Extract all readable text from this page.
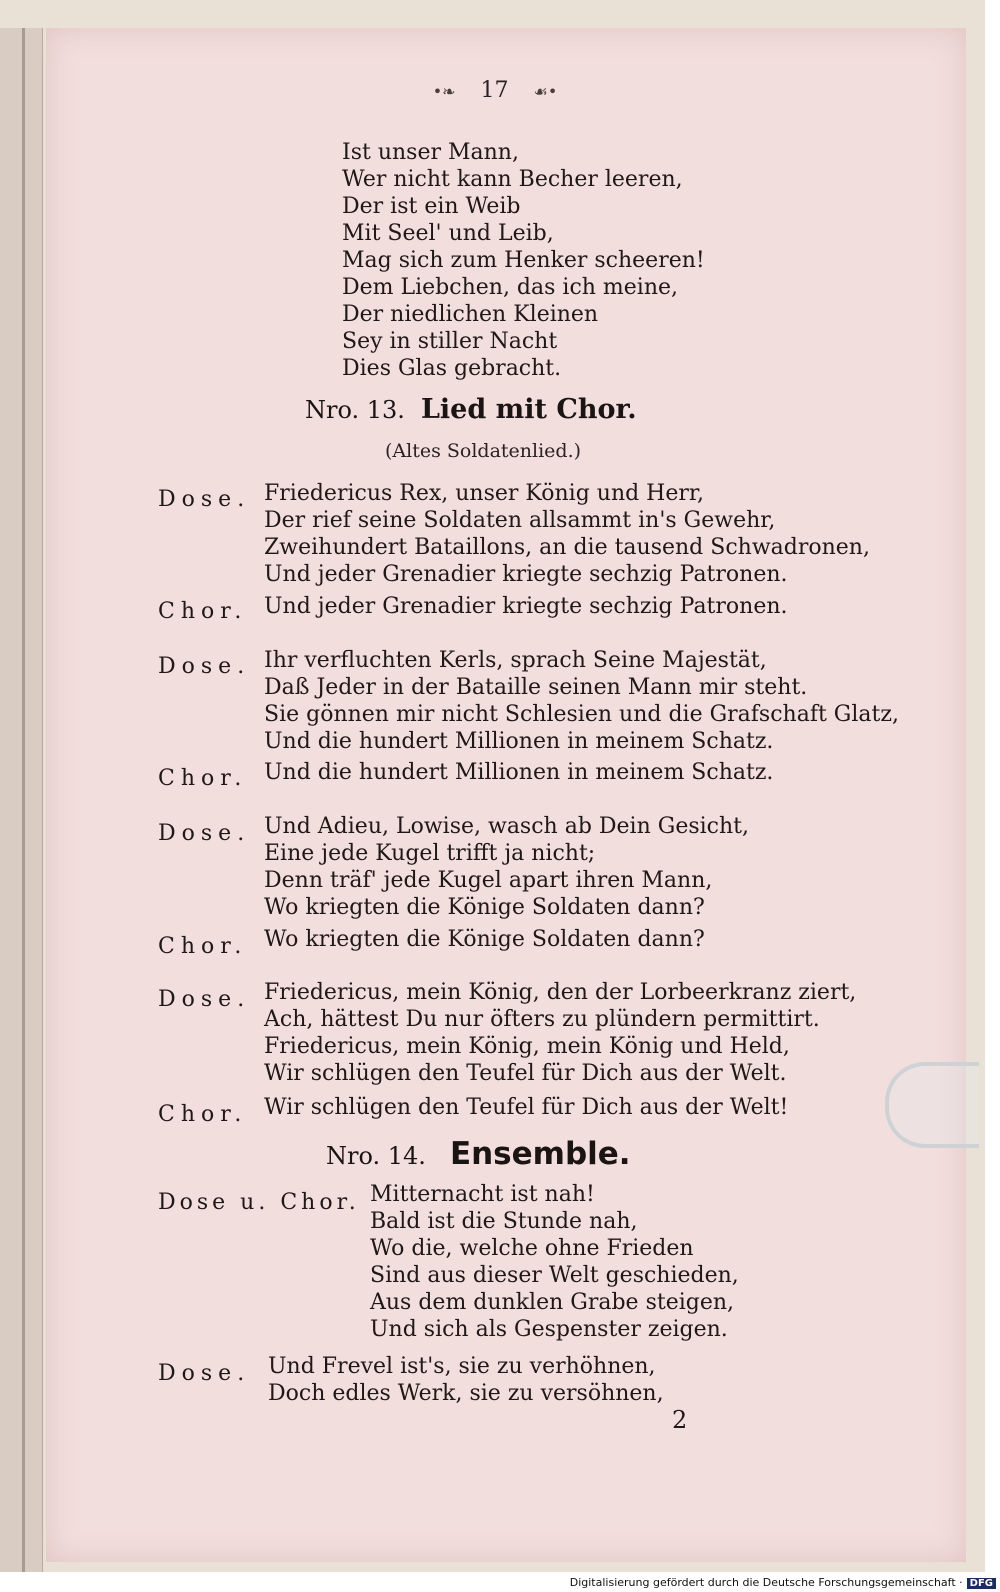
•❧ 17 ☙•
Ist unser Mann,
Wer nicht kann Becher leeren,
Der ist ein Weib
Mit Seel' und Leib,
Mag sich zum Henker scheeren!
Dem Liebchen, das ich meine,
Der niedlichen Kleinen
Sey in stiller Nacht
Dies Glas gebracht.
Nro. 13. Lied mit Chor.
(Altes Soldatenlied.)
Dose. Friedericus Rex, unser König und Herr,
Der rief seine Soldaten allsammt in's Gewehr,
Zweihundert Bataillons, an die tausend Schwadronen,
Und jeder Grenadier kriegte sechzig Patronen.
Chor. Und jeder Grenadier kriegte sechzig Patronen.
Dose. Ihr verfluchten Kerls, sprach Seine Majestät,
Daß Jeder in der Bataille seinen Mann mir steht.
Sie gönnen mir nicht Schlesien und die Grafschaft Glatz,
Und die hundert Millionen in meinem Schatz.
Chor. Und die hundert Millionen in meinem Schatz.
Dose. Und Adieu, Lowise, wasch ab Dein Gesicht,
Eine jede Kugel trifft ja nicht;
Denn träf' jede Kugel apart ihren Mann,
Wo kriegten die Könige Soldaten dann?
Chor. Wo kriegten die Könige Soldaten dann?
Dose. Friedericus, mein König, den der Lorbeerkranz ziert,
Ach, hättest Du nur öfters zu plündern permittirt.
Friedericus, mein König, mein König und Held,
Wir schlügen den Teufel für Dich aus der Welt.
Chor. Wir schlügen den Teufel für Dich aus der Welt!
Nro. 14. Ensemble.
Dose u. Chor. Mitternacht ist nah!
Bald ist die Stunde nah,
Wo die, welche ohne Frieden
Sind aus dieser Welt geschieden,
Aus dem dunklen Grabe steigen,
Und sich als Gespenster zeigen.
Dose. Und Frevel ist's, sie zu verhöhnen,
Doch edles Werk, sie zu versöhnen,
2
Digitalisierung gefördert durch die Deutsche Forschungsgemeinschaft · DFG
